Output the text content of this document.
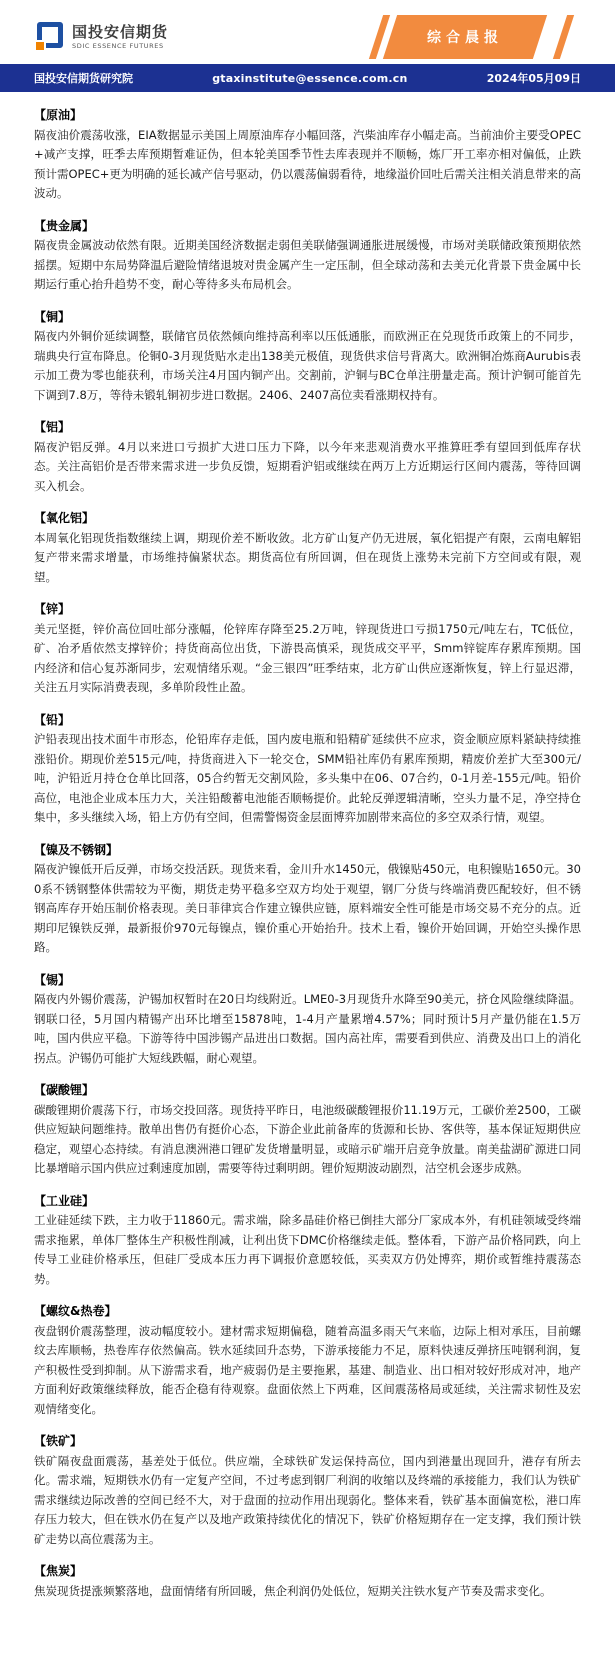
国投安信期货
SDIC ESSENCE FUTURES	综合晨报
国投安信期货研究院	gtaxinstitute@essence.com.cn	2024年05月09日
【原油】
隔夜油价震荡收涨，EIA数据显示美国上周原油库存小幅回落，汽柴油库存小幅走高。当前油价主要受OPEC+减产支撑，旺季去库预期暂难证伪，但本轮美国季节性去库表现并不顺畅，炼厂开工率亦相对偏低，止跌预计需OPEC+更为明确的延长减产信号驱动，仍以震荡偏弱看待，地缘溢价回吐后需关注相关消息带来的高波动。
【贵金属】
隔夜贵金属波动依然有限。近期美国经济数据走弱但美联储强调通胀进展缓慢，市场对美联储政策预期依然摇摆。短期中东局势降温后避险情绪退坡对贵金属产生一定压制，但全球动荡和去美元化背景下贵金属中长期运行重心抬升趋势不变，耐心等待多头布局机会。
【铜】
隔夜内外铜价延续调整，联储官员依然倾向维持高利率以压低通胀，而欧洲正在兑现货币政策上的不同步，瑞典央行宣布降息。伦铜0-3月现货贴水走出138美元极值，现货供求信号背离大。欧洲铜冶炼商Aurubis表示加工费为零也能获利，市场关注4月国内铜产出。交割前，沪铜与BC仓单注册量走高。预计沪铜可能首先下调到7.8万，等待未锻轧铜初步进口数据。2406、2407高位卖看涨期权持有。
【铝】
隔夜沪铝反弹。4月以来进口亏损扩大进口压力下降，以今年来悲观消费水平推算旺季有望回到低库存状态。关注高铝价是否带来需求进一步负反馈，短期看沪铝或继续在两万上方近期运行区间内震荡，等待回调买入机会。
【氧化铝】
本周氧化铝现货指数继续上调，期现价差不断收敛。北方矿山复产仍无进展，氧化铝提产有限，云南电解铝复产带来需求增量，市场维持偏紧状态。期货高位有所回调，但在现货上涨势未完前下方空间或有限，观望。
【锌】
美元坚挺，锌价高位回吐部分涨幅，伦锌库存降至25.2万吨，锌现货进口亏损1750元/吨左右，TC低位，矿、冶矛盾依然支撑锌价；持货商高位出货，下游畏高慎采，现货成交平平，Smm锌锭库存累库预期。国内经济和信心复苏渐同步，宏观情绪乐观。“金三银四”旺季结束，北方矿山供应逐渐恢复，锌上行显迟滞，关注五月实际消费表现，多单阶段性止盈。
【铅】
沪铅表现出技术面牛市形态，伦铅库存走低，国内废电瓶和铅精矿延续供不应求，资金顺应原料紧缺持续推涨铅价。期现价差515元/吨，持货商进入下一轮交仓，SMM铅社库仍有累库预期，精废价差扩大至300元/吨，沪铅近月持仓仓单比回落，05合约暂无交割风险，多头集中在06、07合约，0-1月差-155元/吨。铅价高位，电池企业成本压力大，关注铅酸蓄电池能否顺畅提价。此轮反弹逻辑清晰，空头力量不足，净空持仓集中，多头继续入场，铅上方仍有空间，但需警惕资金层面博弈加剧带来高位的多空双杀行情，观望。
【镍及不锈钢】
隔夜沪镍低开后反弹，市场交投活跃。现货来看，金川升水1450元，俄镍贴450元，电积镍贴1650元。300系不锈钢整体供需较为平衡，期货走势平稳多空双方均处于观望，钢厂分货与终端消费匹配较好，但不锈钢高库存开始压制价格表现。美日菲律宾合作建立镍供应链，原料端安全性可能是市场交易不充分的点。近期印尼镍铁反弹，最新报价970元每镍点，镍价重心开始抬升。技术上看，镍价开始回调，开始空头操作思路。
【锡】
隔夜内外锡价震荡，沪锡加权暂时在20日均线附近。LME0-3月现货升水降至90美元，挤仓风险继续降温。钢联口径，5月国内精锡产出环比增至15878吨，1-4月产量累增4.57%；同时预计5月产量仍能在1.5万吨，国内供应平稳。下游等待中国涉锡产品进出口数据。国内高社库，需要看到供应、消费及出口上的消化拐点。沪锡仍可能扩大短线跌幅，耐心观望。
【碳酸锂】
碳酸锂期价震荡下行，市场交投回落。现货持平昨日，电池级碳酸锂报价11.19万元，工碳价差2500，工碳供应短缺问题维持。散单出售仍有挺价心态，下游企业此前备库的货源和长协、客供等，基本保证短期供应稳定，观望心态持续。有消息澳洲港口锂矿发货增量明显，或暗示矿端开启竞争放量。南美盐湖矿源进口同比暴增暗示国内供应过剩速度加剧，需要等待过剩明朗。锂价短期波动剧烈，沽空机会逐步成熟。
【工业硅】
工业硅延续下跌，主力收于11860元。需求端，除多晶硅价格已倒挂大部分厂家成本外，有机硅领域受终端需求拖累，单体厂整体生产积极性削减，让利出货下DMC价格继续走低。整体看，下游产品价格同跌，向上传导工业硅价格承压，但硅厂受成本压力再下调报价意愿较低，买卖双方仍处博弈，期价或暂维持震荡态势。
【螺纹&热卷】
夜盘钢价震荡整理，波动幅度较小。建材需求短期偏稳，随着高温多雨天气来临，边际上相对承压，目前螺纹去库顺畅，热卷库存依然偏高。铁水延续回升态势，下游承接能力不足，原料快速反弹挤压吨钢利润，复产积极性受到抑制。从下游需求看，地产疲弱仍是主要拖累，基建、制造业、出口相对较好形成对冲，地产方面利好政策继续释放，能否企稳有待观察。盘面依然上下两难，区间震荡格局或延续，关注需求韧性及宏观情绪变化。
【铁矿】
铁矿隔夜盘面震荡，基差处于低位。供应端，全球铁矿发运保持高位，国内到港量出现回升，港存有所去化。需求端，短期铁水仍有一定复产空间，不过考虑到钢厂利润的收缩以及终端的承接能力，我们认为铁矿需求继续边际改善的空间已经不大，对于盘面的拉动作用出现弱化。整体来看，铁矿基本面偏宽松，港口库存压力较大，但在铁水仍在复产以及地产政策持续优化的情况下，铁矿价格短期存在一定支撑，我们预计铁矿走势以高位震荡为主。
【焦炭】
焦炭现货提涨频繁落地，盘面情绪有所回暖，焦企利润仍处低位，短期关注铁水复产节奏及需求变化。
